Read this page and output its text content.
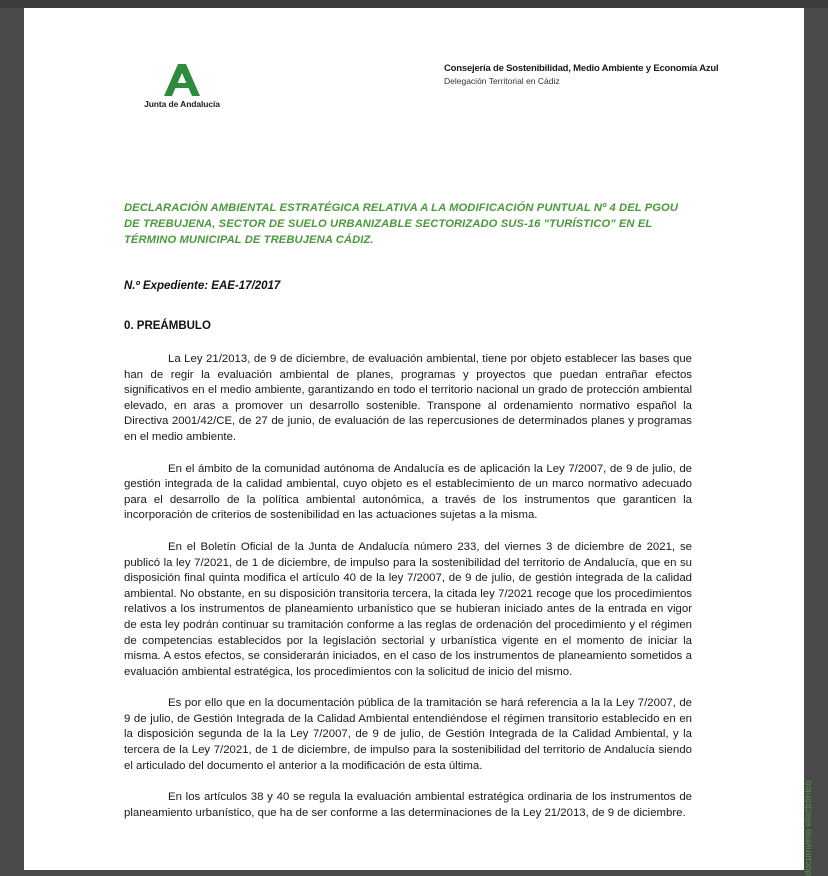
Junta de Andalucía
Consejería de Sostenibilidad, Medio Ambiente y Economía Azul
Delegación Territorial en Cádiz
DECLARACIÓN AMBIENTAL ESTRATÉGICA RELATIVA A LA MODIFICACIÓN PUNTUAL Nº 4 DEL PGOU DE TREBUJENA, SECTOR DE SUELO URBANIZABLE SECTORIZADO SUS-16 "TURÍSTICO" EN EL TÉRMINO MUNICIPAL DE TREBUJENA CÁDIZ.
N.º Expediente: EAE-17/2017
0. PREÁMBULO

La Ley 21/2013, de 9 de diciembre, de evaluación ambiental, tiene por objeto establecer las bases que han de regir la evaluación ambiental de planes, programas y proyectos que puedan entrañar efectos significativos en el medio ambiente, garantizando en todo el territorio nacional un grado de protección ambiental elevado, en aras a promover un desarrollo sostenible. Transpone al ordenamiento normativo español la Directiva 2001/42/CE, de 27 de junio, de evaluación de las repercusiones de determinados planes y programas en el medio ambiente.

En el ámbito de la comunidad autónoma de Andalucía es de aplicación la Ley 7/2007, de 9 de julio, de gestión integrada de la calidad ambiental, cuyo objeto es el establecimiento de un marco normativo adecuado para el desarrollo de la política ambiental autonómica, a través de los instrumentos que garanticen la incorporación de criterios de sostenibilidad en las actuaciones sujetas a la misma.

En el Boletín Oficial de la Junta de Andalucía número 233, del viernes 3 de diciembre de 2021, se publicó la ley 7/2021, de 1 de diciembre, de impulso para la sostenibilidad del territorio de Andalucía, que en su disposición final quinta modifica el artículo 40 de la ley 7/2007, de 9 de julio, de gestión integrada de la calidad ambiental. No obstante, en su disposición transitoria tercera, la citada ley 7/2021 recoge que los procedimientos relativos a los instrumentos de planeamiento urbanístico que se hubieran iniciado antes de la entrada en vigor de esta ley podrán continuar su tramitación conforme a las reglas de ordenación del procedimiento y el régimen de competencias establecidos por la legislación sectorial y urbanística vigente en el momento de iniciar la misma. A estos efectos, se considerarán iniciados, en el caso de los instrumentos de planeamiento sometidos a evaluación ambiental estratégica, los procedimientos con la solicitud de inicio del mismo.

Es por ello que en la documentación pública de la tramitación se hará referencia a la la Ley 7/2007, de 9 de julio, de Gestión Integrada de la Calidad Ambiental entendiéndose el régimen transitorio establecido en en la disposición segunda de la la Ley 7/2007, de 9 de julio, de Gestión Integrada de la Calidad Ambiental, y la tercera de la Ley 7/2021, de 1 de diciembre, de impulso para la sostenibilidad del territorio de Andalucía siendo el articulado del documento el anterior a la modificación de esta última.

En los artículos 38 y 40 se regula la evaluación ambiental estratégica ordinaria de los instrumentos de planeamiento urbanístico, que ha de ser conforme a las determinaciones de la Ley 21/2013, de 9 de diciembre.	documento electrónico
